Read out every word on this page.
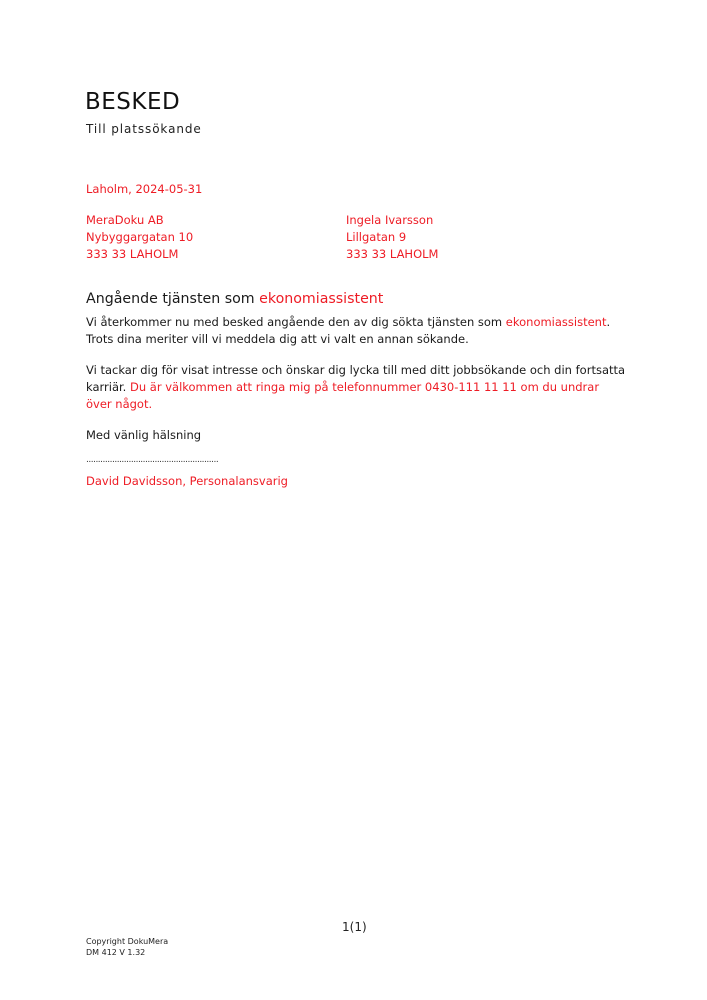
BESKED
Till platssökande
Laholm, 2024-05-31
MeraDoku AB
Nybyggargatan 10
333 33 LAHOLM
Ingela Ivarsson
Lillgatan 9
333 33 LAHOLM
Angående tjänsten som ekonomiassistent
Vi återkommer nu med besked angående den av dig sökta tjänsten som ekonomiassistent. Trots dina meriter vill vi meddela dig att vi valt en annan sökande.
Vi tackar dig för visat intresse och önskar dig lycka till med ditt jobbsökande och din fortsatta karriär. Du är välkommen att ringa mig på telefonnummer 0430-111 11 11 om du undrar över något.
Med vänlig hälsning
........................................................
David Davidsson, Personalansvarig
1(1)
Copyright DokuMera
DM 412 V 1.32
